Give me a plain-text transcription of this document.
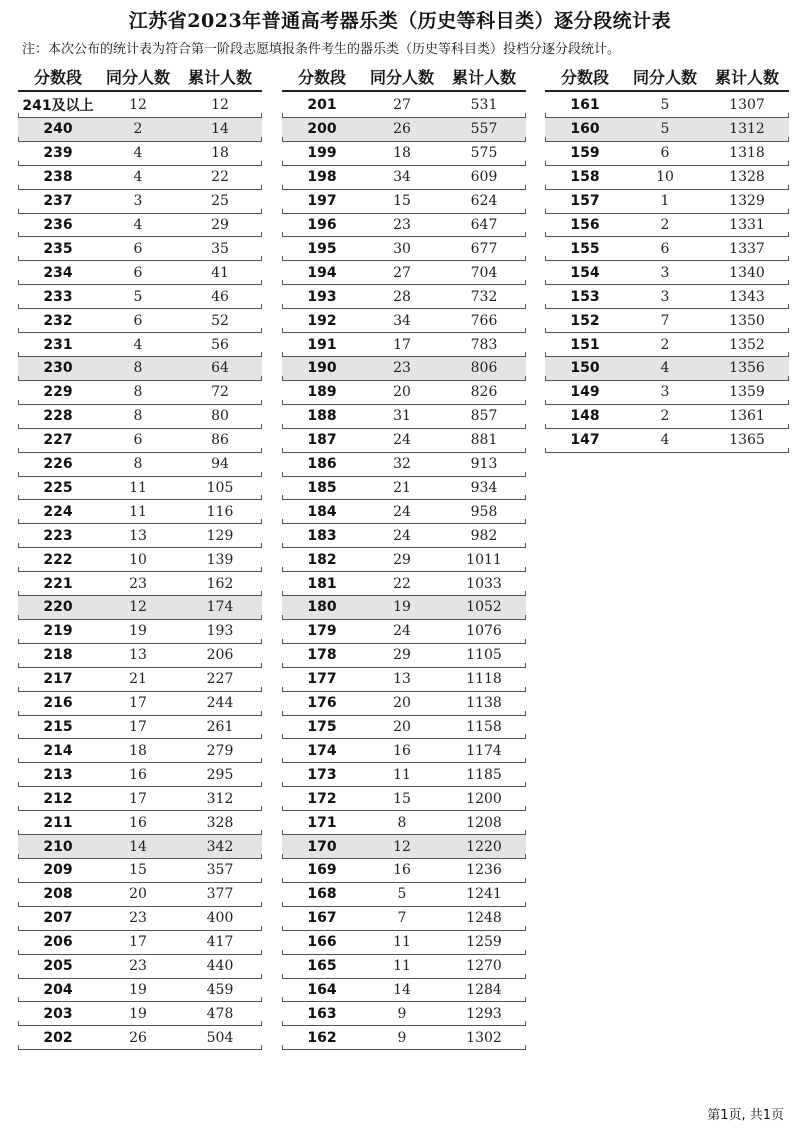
江苏省2023年普通高考器乐类（历史等科目类）逐分段统计表
注：本次公布的统计表为符合第一阶段志愿填报条件考生的器乐类（历史等科目类）投档分逐分段统计。
分数段	同分人数	累计人数
241及以上	12	12
240	2	14
239	4	18
238	4	22
237	3	25
236	4	29
235	6	35
234	6	41
233	5	46
232	6	52
231	4	56
230	8	64
229	8	72
228	8	80
227	6	86
226	8	94
225	11	105
224	11	116
223	13	129
222	10	139
221	23	162
220	12	174
219	19	193
218	13	206
217	21	227
216	17	244
215	17	261
214	18	279
213	16	295
212	17	312
211	16	328
210	14	342
209	15	357
208	20	377
207	23	400
206	17	417
205	23	440
204	19	459
203	19	478
202	26	504
分数段	同分人数	累计人数
201	27	531
200	26	557
199	18	575
198	34	609
197	15	624
196	23	647
195	30	677
194	27	704
193	28	732
192	34	766
191	17	783
190	23	806
189	20	826
188	31	857
187	24	881
186	32	913
185	21	934
184	24	958
183	24	982
182	29	1011
181	22	1033
180	19	1052
179	24	1076
178	29	1105
177	13	1118
176	20	1138
175	20	1158
174	16	1174
173	11	1185
172	15	1200
171	8	1208
170	12	1220
169	16	1236
168	5	1241
167	7	1248
166	11	1259
165	11	1270
164	14	1284
163	9	1293
162	9	1302
分数段	同分人数	累计人数
161	5	1307
160	5	1312
159	6	1318
158	10	1328
157	1	1329
156	2	1331
155	6	1337
154	3	1340
153	3	1343
152	7	1350
151	2	1352
150	4	1356
149	3	1359
148	2	1361
147	4	1365
第1页, 共1页
